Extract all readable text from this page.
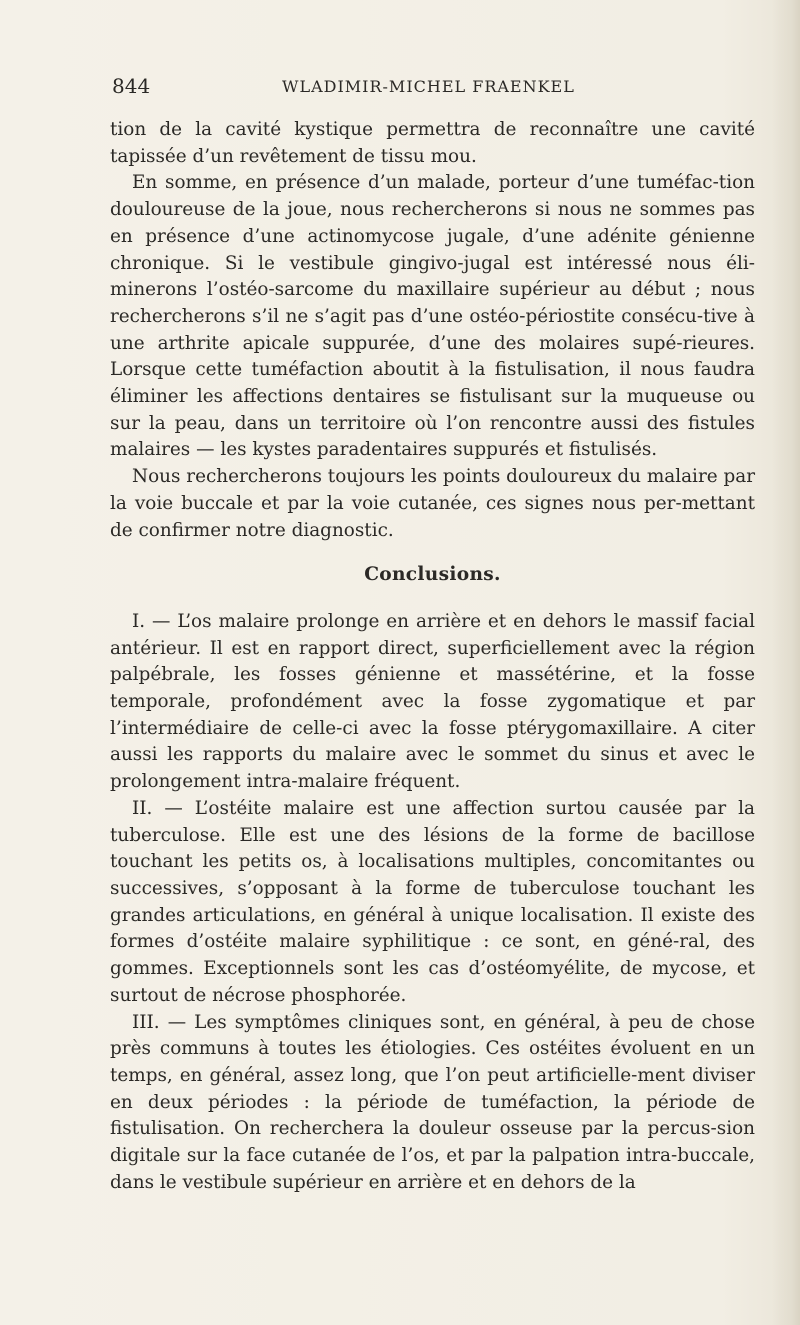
844	WLADIMIR-MICHEL FRAENKEL

tion de la cavité kystique permettra de reconnaître une cavité tapissée d’un revêtement de tissu mou.

En somme, en présence d’un malade, porteur d’une tuméfac-tion douloureuse de la joue, nous rechercherons si nous ne sommes pas en présence d’une actinomycose jugale, d’une adénite génienne chronique. Si le vestibule gingivo-jugal est intéressé nous éli-minerons l’ostéo-sarcome du maxillaire supérieur au début ; nous rechercherons s’il ne s’agit pas d’une ostéo-périostite consécu-tive à une arthrite apicale suppurée, d’une des molaires supé-rieures. Lorsque cette tuméfaction aboutit à la fistulisation, il nous faudra éliminer les affections dentaires se fistulisant sur la muqueuse ou sur la peau, dans un territoire où l’on rencontre aussi des fistules malaires — les kystes paradentaires suppurés et fistulisés.

Nous rechercherons toujours les points douloureux du malaire par la voie buccale et par la voie cutanée, ces signes nous per-mettant de confirmer notre diagnostic.

Conclusions.

I. — L’os malaire prolonge en arrière et en dehors le massif facial antérieur. Il est en rapport direct, superficiellement avec la région palpébrale, les fosses génienne et massétérine, et la fosse temporale, profondément avec la fosse zygomatique et par l’intermédiaire de celle-ci avec la fosse ptérygomaxillaire. A citer aussi les rapports du malaire avec le sommet du sinus et avec le prolongement intra-malaire fréquent.

II. — L’ostéite malaire est une affection surtou causée par la tuberculose. Elle est une des lésions de la forme de bacillose touchant les petits os, à localisations multiples, concomitantes ou successives, s’opposant à la forme de tuberculose touchant les grandes articulations, en général à unique localisation. Il existe des formes d’ostéite malaire syphilitique : ce sont, en géné-ral, des gommes. Exceptionnels sont les cas d’ostéomyélite, de mycose, et surtout de nécrose phosphorée.

III. — Les symptômes cliniques sont, en général, à peu de chose près communs à toutes les étiologies. Ces ostéites évoluent en un temps, en général, assez long, que l’on peut artificielle-ment diviser en deux périodes : la période de tuméfaction, la période de fistulisation. On recherchera la douleur osseuse par la percus-sion digitale sur la face cutanée de l’os, et par la palpation intra-buccale, dans le vestibule supérieur en arrière et en dehors de la
